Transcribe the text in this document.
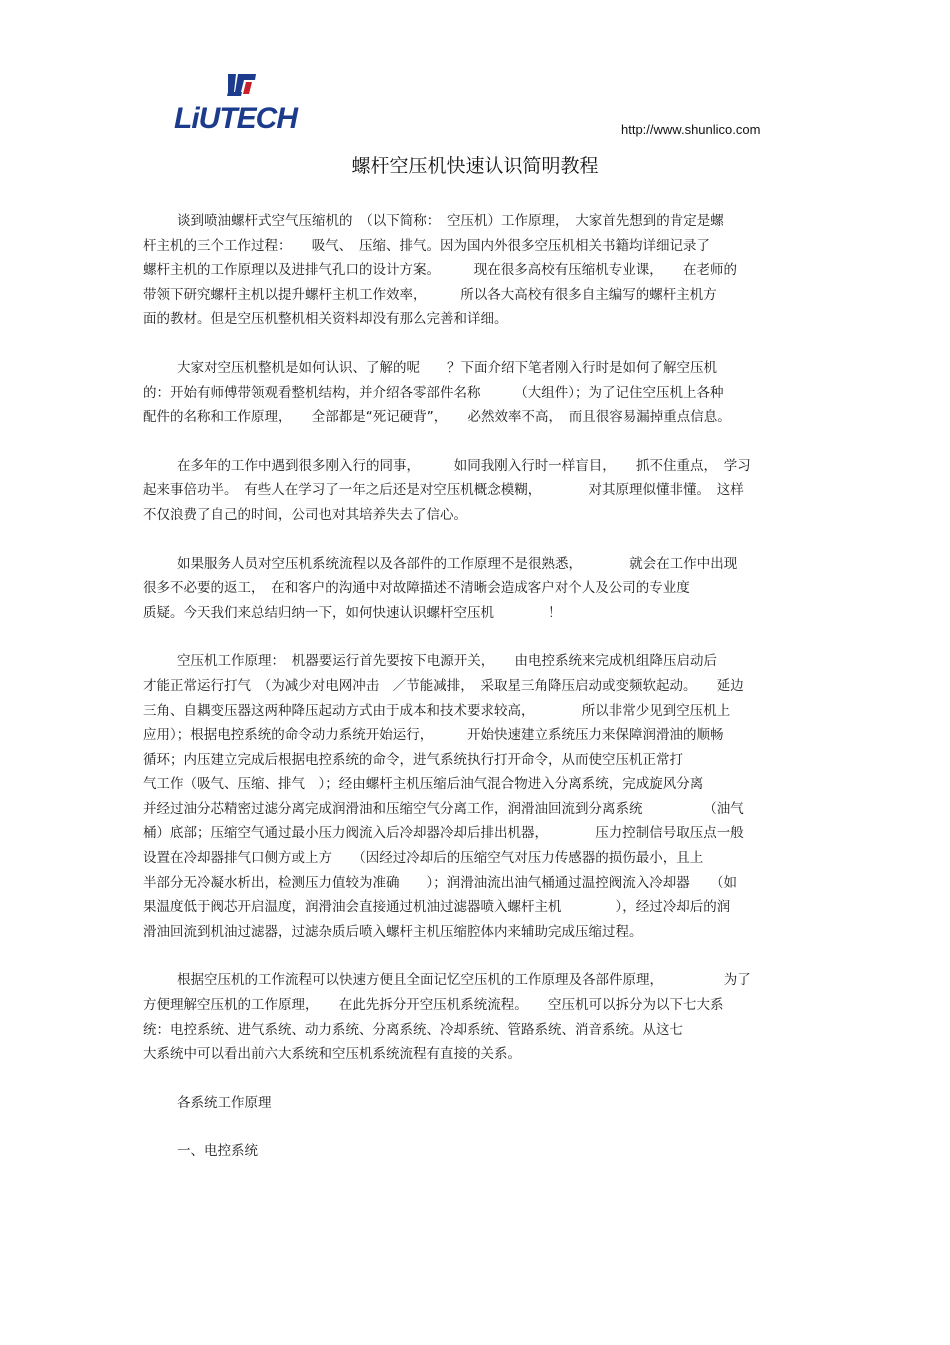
LiUTECH	http://www.shunlico.com
螺杆空压机快速认识简明教程
谈到喷油螺杆式空气压缩机的　（以下简称：　空压机）工作原理，　大家首先想到的肯定是螺
杆主机的三个工作过程：　　吸气、　压缩、排气。因为国内外很多空压机相关书籍均详细记录了
螺杆主机的工作原理以及进排气孔口的设计方案。　　　现在很多高校有压缩机专业课，　　在老师的
带领下研究螺杆主机以提升螺杆主机工作效率，　　　所以各大高校有很多自主编写的螺杆主机方
面的教材。但是空压机整机相关资料却没有那么完善和详细。
大家对空压机整机是如何认识、了解的呢　　？下面介绍下笔者刚入行时是如何了解空压机
的：开始有师傅带领观看整机结构，并介绍各零部件名称　　　（大组件）；为了记住空压机上各种
配件的名称和工作原理，　　全部都是“死记硬背”，　　必然效率不高，　而且很容易漏掉重点信息。
在多年的工作中遇到很多刚入行的同事，　　　如同我刚入行时一样盲目，　　抓不住重点，　学习
起来事倍功半。　有些人在学习了一年之后还是对空压机概念模糊，　　　　对其原理似懂非懂。　这样
不仅浪费了自己的时间，公司也对其培养失去了信心。
如果服务人员对空压机系统流程以及各部件的工作原理不是很熟悉，　　　　就会在工作中出现
很多不必要的返工，　在和客户的沟通中对故障描述不清晰会造成客户对个人及公司的专业度
质疑。今天我们来总结归纳一下，如何快速认识螺杆空压机　　　　！
空压机工作原理：　机器要运行首先要按下电源开关，　　由电控系统来完成机组降压启动后
才能正常运行打气　（为减少对电网冲击　／节能减排，　采取星三角降压启动或变频软起动。　　延边
三角、自耦变压器这两种降压起动方式由于成本和技术要求较高，　　　　所以非常少见到空压机上
应用）；根据电控系统的命令动力系统开始运行，　　　开始快速建立系统压力来保障润滑油的顺畅
循环；内压建立完成后根据电控系统的命令，进气系统执行打开命令，从而使空压机正常打
气工作（吸气、压缩、排气　）；经由螺杆主机压缩后油气混合物进入分离系统，完成旋风分离
并经过油分芯精密过滤分离完成润滑油和压缩空气分离工作，润滑油回流到分离系统　　　　　（油气
桶）底部；压缩空气通过最小压力阀流入后冷却器冷却后排出机器，　　　　压力控制信号取压点一般
设置在冷却器排气口侧方或上方　　（因经过冷却后的压缩空气对压力传感器的损伤最小，且上
半部分无冷凝水析出，检测压力值较为准确　　）；润滑油流出油气桶通过温控阀流入冷却器　　（如
果温度低于阀芯开启温度，润滑油会直接通过机油过滤器喷入螺杆主机　　　　），经过冷却后的润
滑油回流到机油过滤器，过滤杂质后喷入螺杆主机压缩腔体内来辅助完成压缩过程。
根据空压机的工作流程可以快速方便且全面记忆空压机的工作原理及各部件原理，　　　　　为了
方便理解空压机的工作原理，　　在此先拆分开空压机系统流程。　　空压机可以拆分为以下七大系
统：电控系统、进气系统、动力系统、分离系统、冷却系统、管路系统、消音系统。从这七
大系统中可以看出前六大系统和空压机系统流程有直接的关系。
各系统工作原理
一、电控系统
